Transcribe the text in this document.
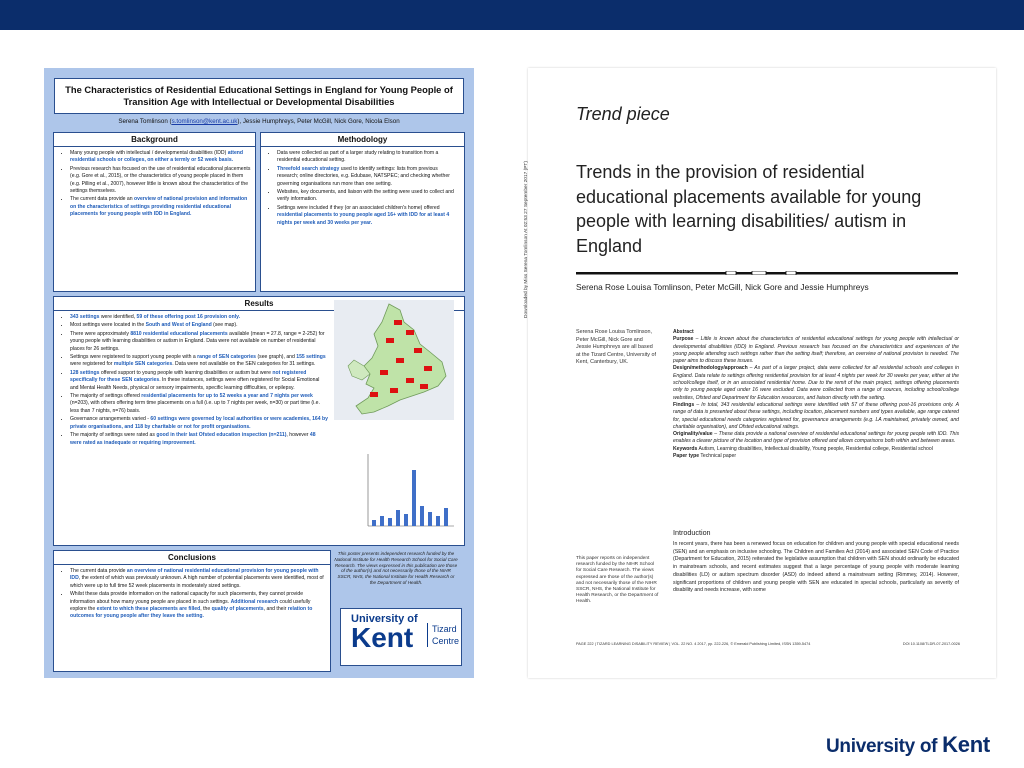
The Characteristics of Residential Educational Settings in England for Young People of Transition Age with Intellectual or Developmental Disabilities
Serena Tomlinson (s.tomlinson@kent.ac.uk), Jessie Humphreys, Peter McGill, Nick Gore, Nicola Elson
Background
• Many young people with intellectual / developmental disabilities (IDD) attend residential schools or colleges, on either a termly or 52 week basis.
• Previous research has focused on the use of residential educational placements (e.g. Gore et al., 2015), or the characteristics of young people placed in them (e.g. Pilling et al., 2007), however little is known about the characteristics of the settings themselves.
• The current data provide an overview of national provision and information on the characteristics of settings providing residential educational placements for young people with IDD in England.
Methodology
• Data were collected as part of a larger study relating to transition from a residential educational setting.
• Threefold search strategy used to identify settings: lists from previous research; online directories, e.g. Edubase, NATSPEC; and checking whether governing organisations run more than one setting.
• Websites, key documents, and liaison with the setting were used to collect and verify information.
• Settings were included if they (or an associated children's home) offered residential placements to young people aged 16+ with IDD for at least 4 nights per week and 30 weeks per year.
Results
• 343 settings were identified, 59 of these offering post 16 provision only.
• Most settings were located in the South and West of England (see map).
• There were approximately 8810 residential educational placements available (mean = 27.8, range = 2-252) for young people with learning disabilities or autism in England. Data were not available on number of residential places for 26 settings.
• Settings were registered to support young people with a range of SEN categories (see graph), and 155 settings were registered for multiple SEN categories. Data were not available on the SEN categories for 31 settings.
• 128 settings offered support to young people with learning disabilities or autism but were not registered specifically for these SEN categories. In these instances, settings were often registered for Social Emotional and Mental Health Needs, physical or sensory impairments, specific learning difficulties, or epilepsy.
• The majority of settings offered residential placements for up to 52 weeks a year and 7 nights per week (n=203), with others offering term time placements on a full (i.e. up to 7 nights per week, n=30) or part time (i.e. less than 7 nights, n=76) basis.
• Governance arrangements varied - 60 settings were governed by local authorities or were academies, 164 by private organisations, and 118 by charitable or not for profit organisations.
• The majority of settings were rated as good in their last Ofsted education inspection (n=211), however 48 were rated as inadequate or requiring improvement.
Conclusions
• The current data provide an overview of national residential educational provision for young people with IDD, the extent of which was previously unknown. A high number of potential placements were identified, most of which were up to full time 52 week placements in moderately sized settings.
• Whilst these data provide information on the national capacity for such placements, they cannot provide information about how many young people are placed in such settings. Additional research could usefully explore the extent to which these placements are filled, the quality of placements, and their relation to outcomes for young people after they leave the setting.
This poster presents independent research funded by the National Institute for Health Research School for Social Care Research. The views expressed in this publication are those of the author(s) and not necessarily those of the NIHR SSCR, NHS, the National Institute for Health Research or the Department of Health.
University of
Kent	Tizard
Centre
Downloaded by Miss Serena Tomlinson At 02:53 27 September 2017 (PT)
Trend piece
Trends in the provision of residential educational placements available for young people with learning disabilities/ autism in England
Serena Rose Louisa Tomlinson, Peter McGill, Nick Gore and Jessie Humphreys
Serena Rose Louisa Tomlinson, Peter McGill, Nick Gore and Jessie Humphreys are all based at the Tizard Centre, University of Kent, Canterbury, UK.
Abstract
Purpose – Little is known about the characteristics of residential educational settings for young people with intellectual or developmental disabilities (IDD) in England. Previous research has focused on the characteristics and experiences of the young people attending such settings rather than the setting itself; therefore, an overview of national provision is needed. The paper aims to discuss these issues.
Design/methodology/approach – As part of a larger project, data were collected for all residential schools and colleges in England. Data relate to settings offering residential provision for at least 4 nights per week for 30 weeks per year, either at the school/college itself, or in an associated residential home. Due to the remit of the main project, settings offering placements only to young people aged under 16 were excluded. Data were collected from a range of sources, including school/college websites, Ofsted and Department for Education resources, and liaison directly with the setting.
Findings – In total, 343 residential educational settings were identified with 57 of these offering post-16 provisions only. A range of data is presented about these settings, including location, placement numbers and types available, age range catered for, special educational needs categories registered for, governance arrangements (e.g. LA maintained, privately owned, and charitable organisation), and Ofsted educational ratings.
Originality/value – These data provide a national overview of residential educational settings for young people with IDD. This enables a clearer picture of the location and type of provision offered and allows comparisons both within and between areas.
Keywords Autism, Learning disabilities, Intellectual disability, Young people, Residential college, Residential school
Paper type Technical paper
Introduction
In recent years, there has been a renewed focus on education for children and young people with special educational needs (SEN) and an emphasis on inclusive schooling. The Children and Families Act (2014) and associated SEN Code of Practice (Department for Education, 2015) reiterated the legislative assumption that children with SEN should ordinarily be educated in mainstream schools, and recent estimates suggest that a large percentage of young people with moderate learning disabilities (LD) or autism spectrum disorder (ASD) do indeed attend a mainstream setting (Rimmey, 2014). However, significant proportions of children and young people with SEN are educated in special schools, particularly as severity of disability and needs increase, with some
This paper reports on independent research funded by the NIHR School for Social Care Research. The views expressed are those of the author(s) and not necessarily those of the NIHR SSCR, NHS, the National Institute for Health Research, or the Department of Health.
PAGE 222 | TIZARD LEARNING DISABILITY REVIEW | VOL. 22 NO. 4 2017, pp. 222-226, © Emerald Publishing Limited, ISSN 1359-5474	DOI 10.1108/TLDR-07-2017-0026
University of Kent
